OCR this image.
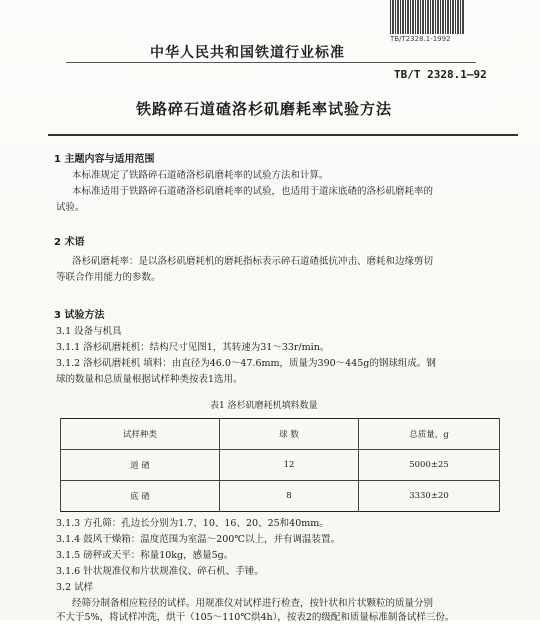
TB/T2328.1-1992
中华人民共和国铁道行业标准
TB/T 2328.1—92
铁路碎石道碴洛杉矶磨耗率试验方法
1 主题内容与适用范围
本标准规定了铁路碎石道碴洛杉矶磨耗率的试验方法和计算。
本标准适用于铁路碎石道碴洛杉矶磨耗率的试验，也适用于道床底碴的洛杉矶磨耗率的
试验。
2 术语
洛杉矶磨耗率：是以洛杉矶磨耗机的磨耗指标表示碎石道碴抵抗冲击、磨耗和边缘剪切
等联合作用能力的参数。
3 试验方法
3.1 设备与机具
3.1.1 洛杉矶磨耗机：结构尺寸见图1，其转速为31～33r/min。
3.1.2 洛杉矶磨耗机 填料：由直径为46.0～47.6mm，质量为390～445g的钢球组成。钢
球的数量和总质量根据试样种类按表1选用。
表1 洛杉矶磨耗机填料数量
试样种类	球 数	总质量，g
道 碴	12	5000±25
底 碴	8	3330±20
3.1.3 方孔筛：孔边长分别为1.7、10、16、20、25和40mm。
3.1.4 鼓风干燥箱：温度范围为室温～200℃以上，并有调温装置。
3.1.5 磅秤或天平：称量10kg，感量5g。
3.1.6 针状规准仪和片状规准仪、碎石机、手锤。
3.2 试样
经筛分制备相应粒径的试样。用规准仪对试样进行检查，按针状和片状颗粒的质量分别
不大于5%，将试样冲洗，烘干（105～110℃烘4h），按表2的级配和质量标准制备试样三份。
